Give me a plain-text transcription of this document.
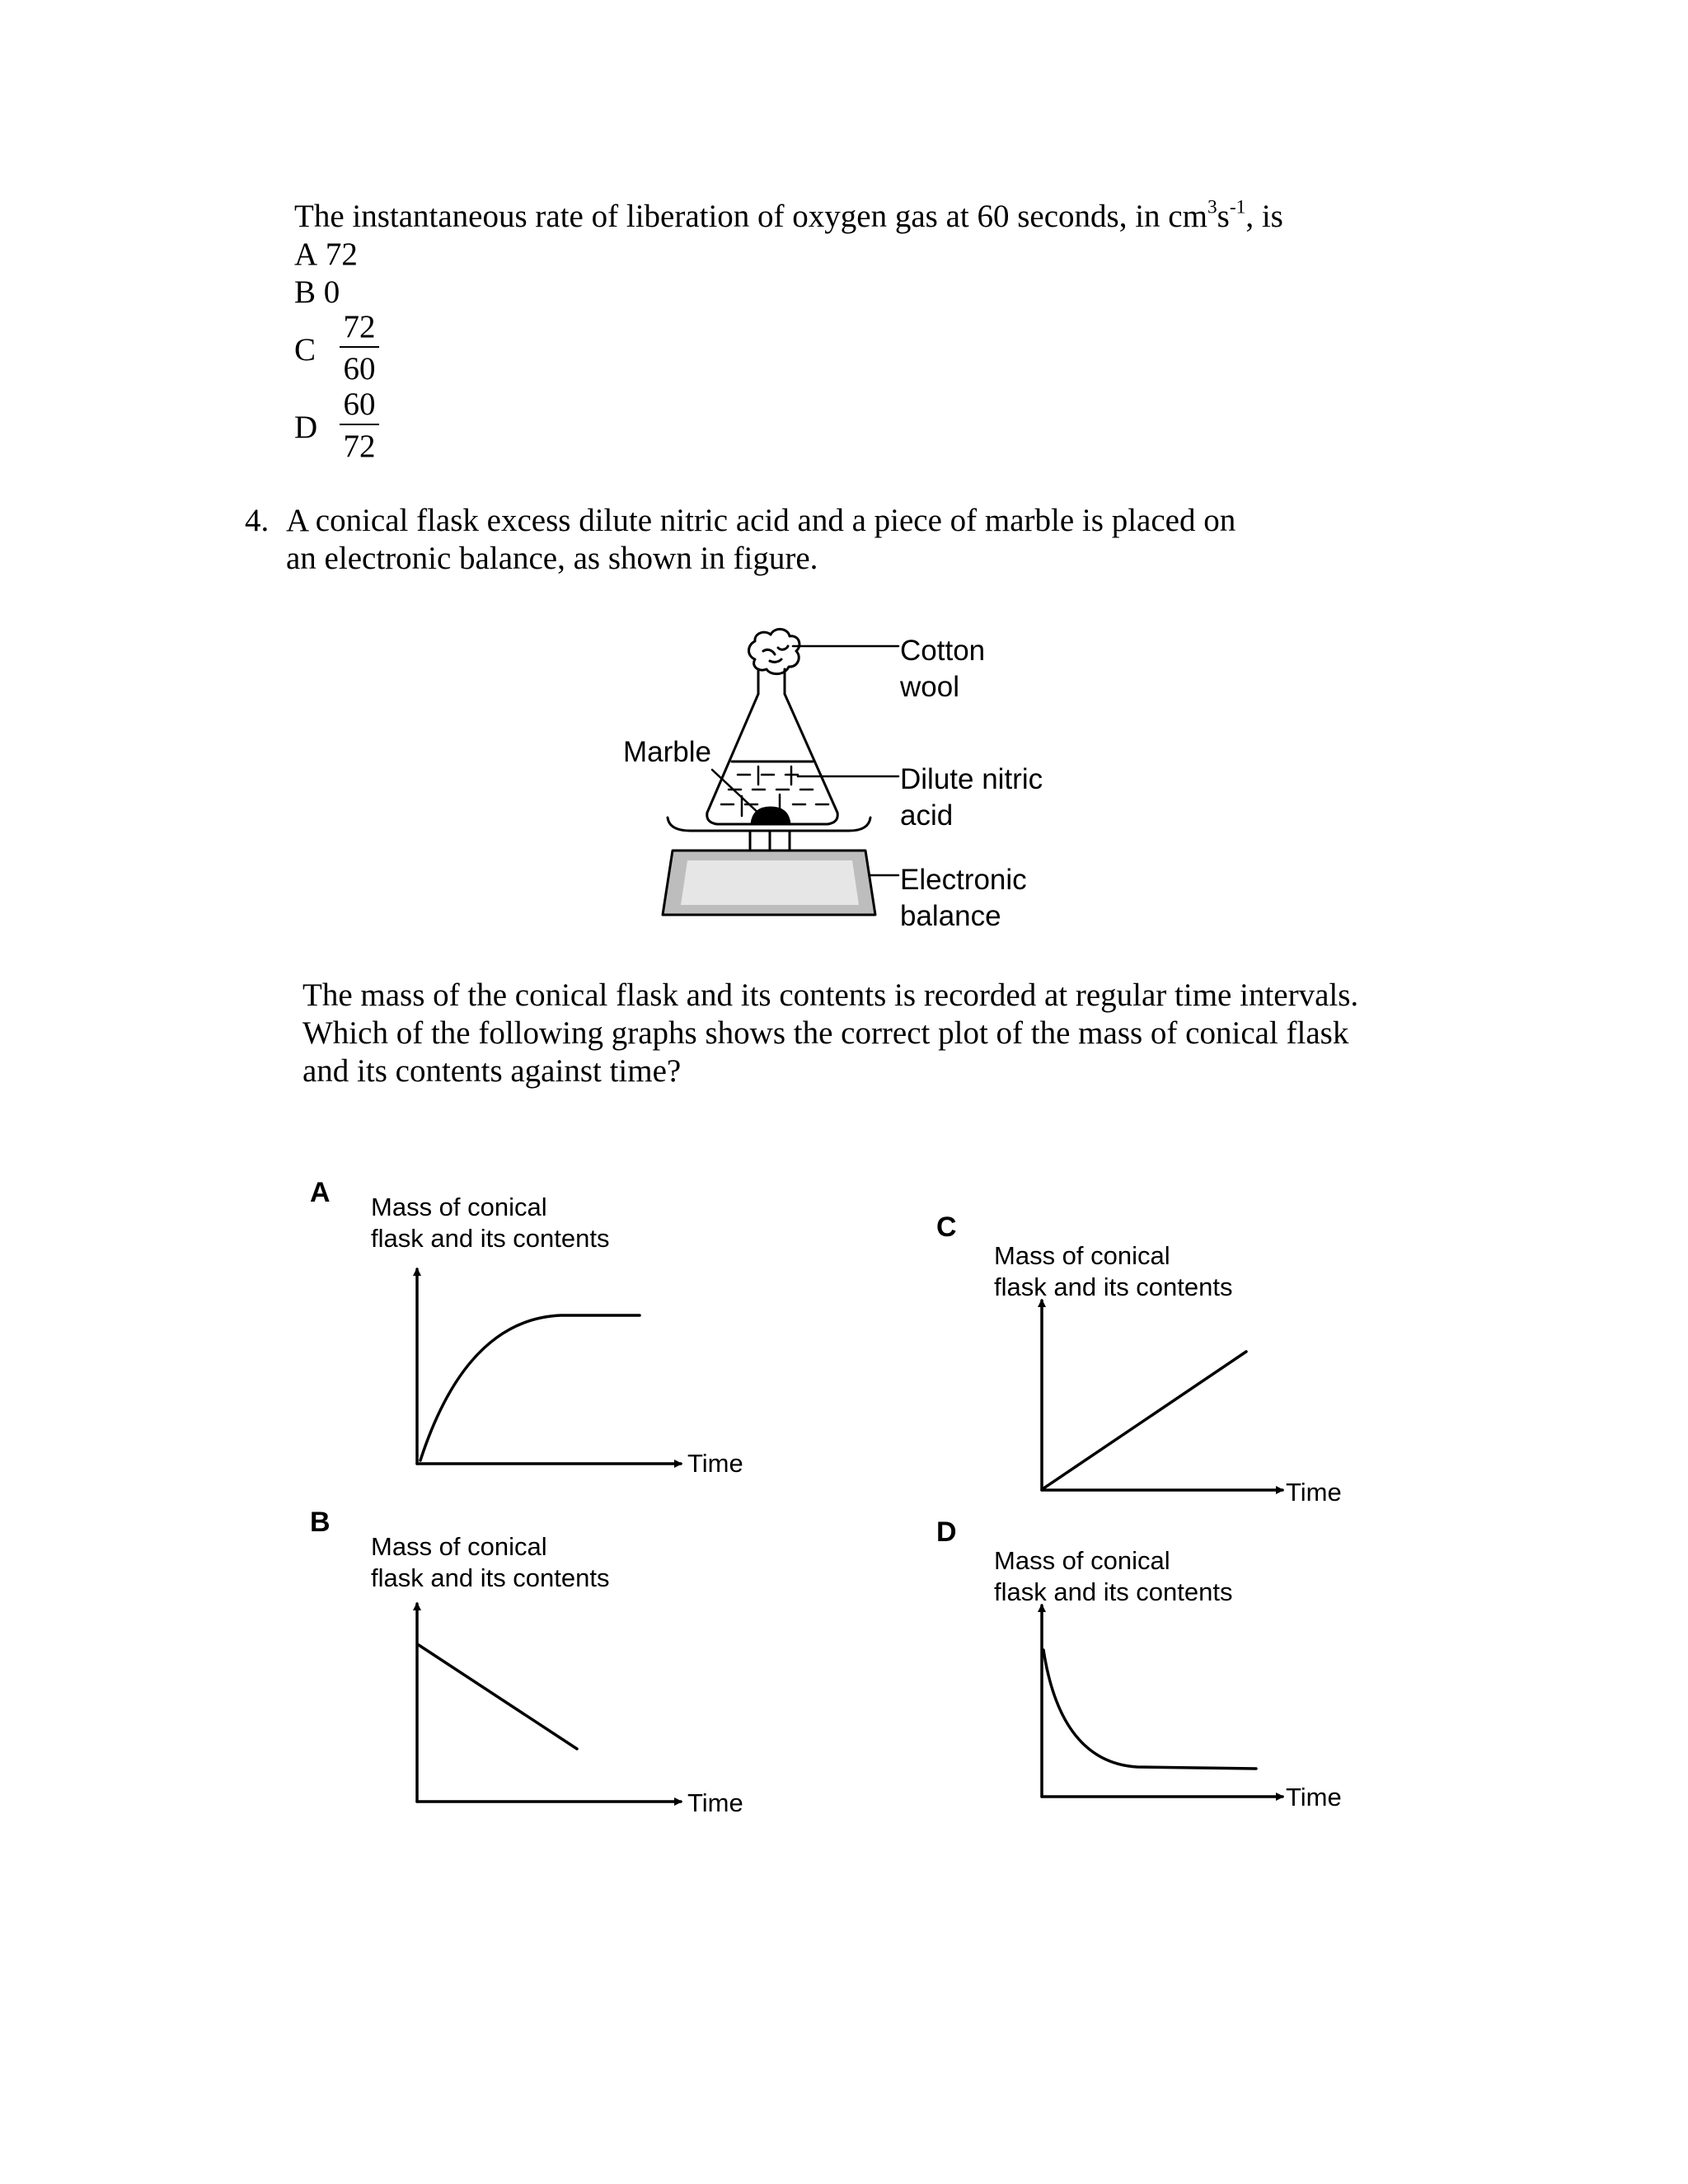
The instantaneous rate of liberation of oxygen gas at 60 seconds, in $cm^3s^{-1}$, is
A 72
B 0
C
72
60
D
60
72
4. A conical flask excess dilute nitric acid and a piece of marble is placed on
an electronic balance, as shown in figure.
Cotton
wool
Marble
Dilute nitric
acid
Electronic
balance
The mass of the conical flask and its contents is recorded at regular time intervals.
Which of the following graphs shows the correct plot of the mass of conical flask
and its contents against time?
A Mass of conical
flask and its contents
Time
B
Mass of conical
flask and its contents
Time
C
Mass of conical
flask and its contents
Time
D
Mass of conical
flask and its contents
Time
